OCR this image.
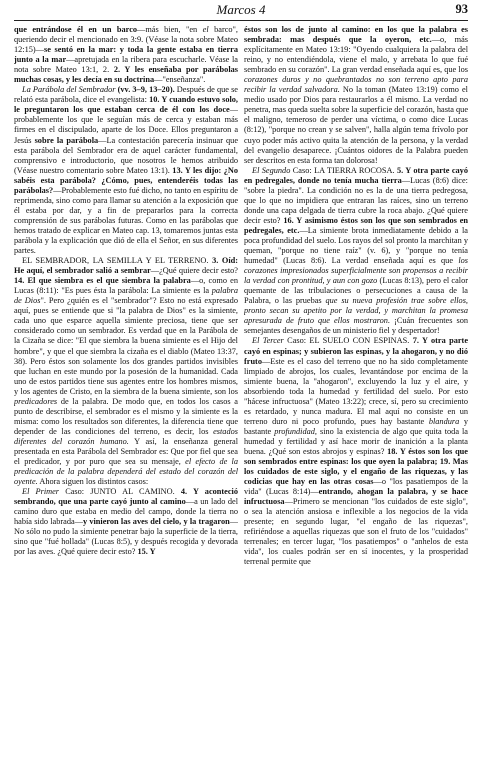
Marcos 4	93

que entrándose él en un barco—más bien, "en el barco", queriendo decir el mencionado en 3:9. (Véase la nota sobre Mateo 12:15)—se sentó en la mar: y toda la gente estaba en tierra junto a la mar—apretujada en la ribera para escucharle. Véase la nota sobre Mateo 13:1, 2. 2. Y les enseñaba por parábolas muchas cosas, y les decía en su doctrina—"enseñanza".

La Parábola del Sembrador (vv. 3–9, 13–20). Después de que se relató esta parábola, dice el evangelista: 10. Y cuando estuvo solo, le preguntaron los que estaban cerca de él con los doce—probablemente los que le seguían más de cerca y estaban más firmes en el discipulado, aparte de los Doce. Ellos preguntaron a Jesús sobre la parábola—La contestación parecería insinuar que esta parábola del Sembrador era de aquel carácter fundamental, comprensivo e introductorio, que nosotros le hemos atribuido (Véase nuestro comentario sobre Mateo 13:1). 13. Y les dijo: ¿No sabéis esta parábola? ¿Cómo, pues, entenderéis todas las parábolas?—Probablemente esto fué dicho, no tanto en espíritu de reprimenda, sino como para llamar su atención a la exposición que él estaba por dar, y a fin de prepararlos para la correcta comprensión de sus parábolas futuras. Como en las parábolas que hemos tratado de explicar en Mateo cap. 13, tomaremos juntas esta parábola y la explicación que dió de ella el Señor, en sus diferentes partes.

EL SEMBRADOR, LA SEMILLA Y EL TERRENO. 3. Oíd: He aquí, el sembrador salió a sembrar—¿Qué quiere decir esto? 14. El que siembra es el que siembra la palabra—o, como en Lucas (8:11): "Es pues ésta la parábola: La simiente es la palabra de Dios". Pero ¿quién es el "sembrador"? Esto no está expresado aquí, pues se entiende que si "la palabra de Dios" es la simiente, cada uno que esparce aquella simiente preciosa, tiene que ser considerado como un sembrador. Es verdad que en la Parábola de la Cizaña se dice: "El que siembra la buena simiente es el Hijo del hombre", y que el que siembra la cizaña es el diablo (Mateo 13:37, 38). Pero éstos son solamente los dos grandes partidos invisibles que luchan en este mundo por la posesión de la humanidad. Cada uno de estos partidos tiene sus agentes entre los hombres mismos, y los agentes de Cristo, en la siembra de la buena simiente, son los predicadores de la palabra. De modo que, en todos los casos a punto de describirse, el sembrador es el mismo y la simiente es la misma: como los resultados son diferentes, la diferencia tiene que depender de las condiciones del terreno, es decir, los estados diferentes del corazón humano. Y así, la enseñanza general presentada en esta Parábola del Sembrador es: Que por fiel que sea el predicador, y por puro que sea su mensaje, el efecto de la predicación de la palabra dependerá del estado del corazón del oyente. Ahora siguen los distintos casos:

El Primer Caso: JUNTO AL CAMINO. 4. Y aconteció sembrando, que una parte cayó junto al camino—a un lado del camino duro que estaba en medio del campo, donde la tierra no había sido labrada—y vinieron las aves del cielo, y la tragaron—No sólo no pudo la simiente penetrar bajo la superficie de la tierra, sino que "fué hollada" (Lucas 8:5), y después recogida y devorada por las aves. ¿Qué quiere decir esto? 15. Y

éstos son los de junto al camino: en los que la palabra es sembrada: mas después que la oyeron, etc.—o, más explícitamente en Mateo 13:19: "Oyendo cualquiera la palabra del reino, y no entendiéndola, viene el malo, y arrebata lo que fué sembrado en su corazón". La gran verdad enseñada aquí es, que los corazones duros y no quebrantados no son terreno apto para recibir la verdad salvadora. No la toman (Mateo 13:19) como el medio usado por Dios para restaurarlos a él mismo. La verdad no penetra, mas queda suelta sobre la superficie del corazón, hasta que el maligno, temeroso de perder una víctima, o como dice Lucas (8:12), "porque no crean y se salven", halla algún tema frívolo por cuyo poder más activo quita la atención de la persona, y la verdad del evangelio desaparece. ¡Cuántos oidores de la Palabra pueden ser descritos en esta forma tan dolorosa!

El Segundo Caso: LA TIERRA ROCOSA. 5. Y otra parte cayó en pedregales, donde no tenía mucha tierra—Lucas (8:6) dice: "sobre la piedra". La condición no es la de una tierra pedregosa, que lo que no impidiera que entraran las raíces, sino un terreno donde una capa delgada de tierra cubre la roca abajo. ¿Qué quiere decir esto? 16. Y asimismo éstos son los que son sembrados en pedregales, etc.—La simiente brota inmediatamente debido a la poca profundidad del suelo. Los rayos del sol pronto la marchitan y queman, "porque no tiene raíz" (v. 6), y "porque no tenía humedad" (Lucas 8:6). La verdad enseñada aquí es que los corazones impresionados superficialmente son propensos a recibir la verdad con prontitud, y aun con gozo (Lucas 8:13), pero el calor quemante de las tribulaciones o persecuciones a causa de la Palabra, o las pruebas que su nueva profesión trae sobre ellos, pronto secan su apetito por la verdad, y marchitan la promesa apresurada de fruto que ellos mostraron. ¡Cuán frecuentes son semejantes desengaños de un ministerio fiel y despertador!

El Tercer Caso: EL SUELO CON ESPINAS. 7. Y otra parte cayó en espinas; y subieron las espinas, y la ahogaron, y no dió fruto—Este es el caso del terreno que no ha sido completamente limpiado de abrojos, los cuales, levantándose por encima de la simiente buena, la "ahogaron", excluyendo la luz y el aire, y absorbiendo toda la humedad y fertilidad del suelo. Por esto "hácese infructuosa" (Mateo 13:22); crece, sí, pero su crecimiento es retardado, y nunca madura. El mal aquí no consiste en un terreno duro ni poco profundo, pues hay bastante blandura y bastante profundidad, sino la existencia de algo que quita toda la humedad y fertilidad y así hace morir de inanición a la planta buena. ¿Qué son estos abrojos y espinas? 18. Y éstos son los que son sembrados entre espinas: los que oyen la palabra; 19. Mas los cuidados de este siglo, y el engaño de las riquezas, y las codicias que hay en las otras cosas—o "los pasatiempos de la vida" (Lucas 8:14)—entrando, ahogan la palabra, y se hace infructuosa—Primero se mencionan "los cuidados de este siglo", o sea la atención ansiosa e inflexible a los negocios de la vida presente; en segundo lugar, "el engaño de las riquezas", refiriéndose a aquellas riquezas que son el fruto de los "cuidados" terrenales; en tercer lugar, "los pasatiempos" o "anhelos de esta vida", los cuales podrán ser en sí inocentes, y la prosperidad terrenal permite que
